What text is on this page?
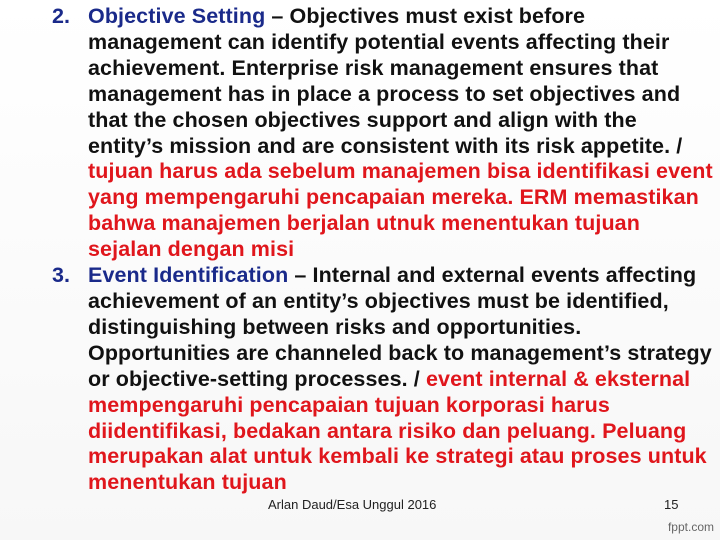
2. Objective Setting – Objectives must exist before management can identify potential events affecting their achievement. Enterprise risk management ensures that management has in place a process to set objectives and that the chosen objectives support and align with the entity’s mission and are consistent with its risk appetite. / tujuan harus ada sebelum manajemen bisa identifikasi event yang mempengaruhi pencapaian mereka. ERM memastikan bahwa manajemen berjalan utnuk menentukan tujuan sejalan dengan misi
3. Event Identification – Internal and external events affecting achievement of an entity’s objectives must be identified, distinguishing between risks and opportunities. Opportunities are channeled back to management’s strategy or objective-setting processes. / event internal & eksternal mempengaruhi pencapaian tujuan korporasi harus diidentifikasi, bedakan antara risiko dan peluang. Peluang merupakan alat untuk kembali ke strategi atau proses untuk menentukan tujuan
Arlan Daud/Esa Unggul 2016	15
fppt.com
